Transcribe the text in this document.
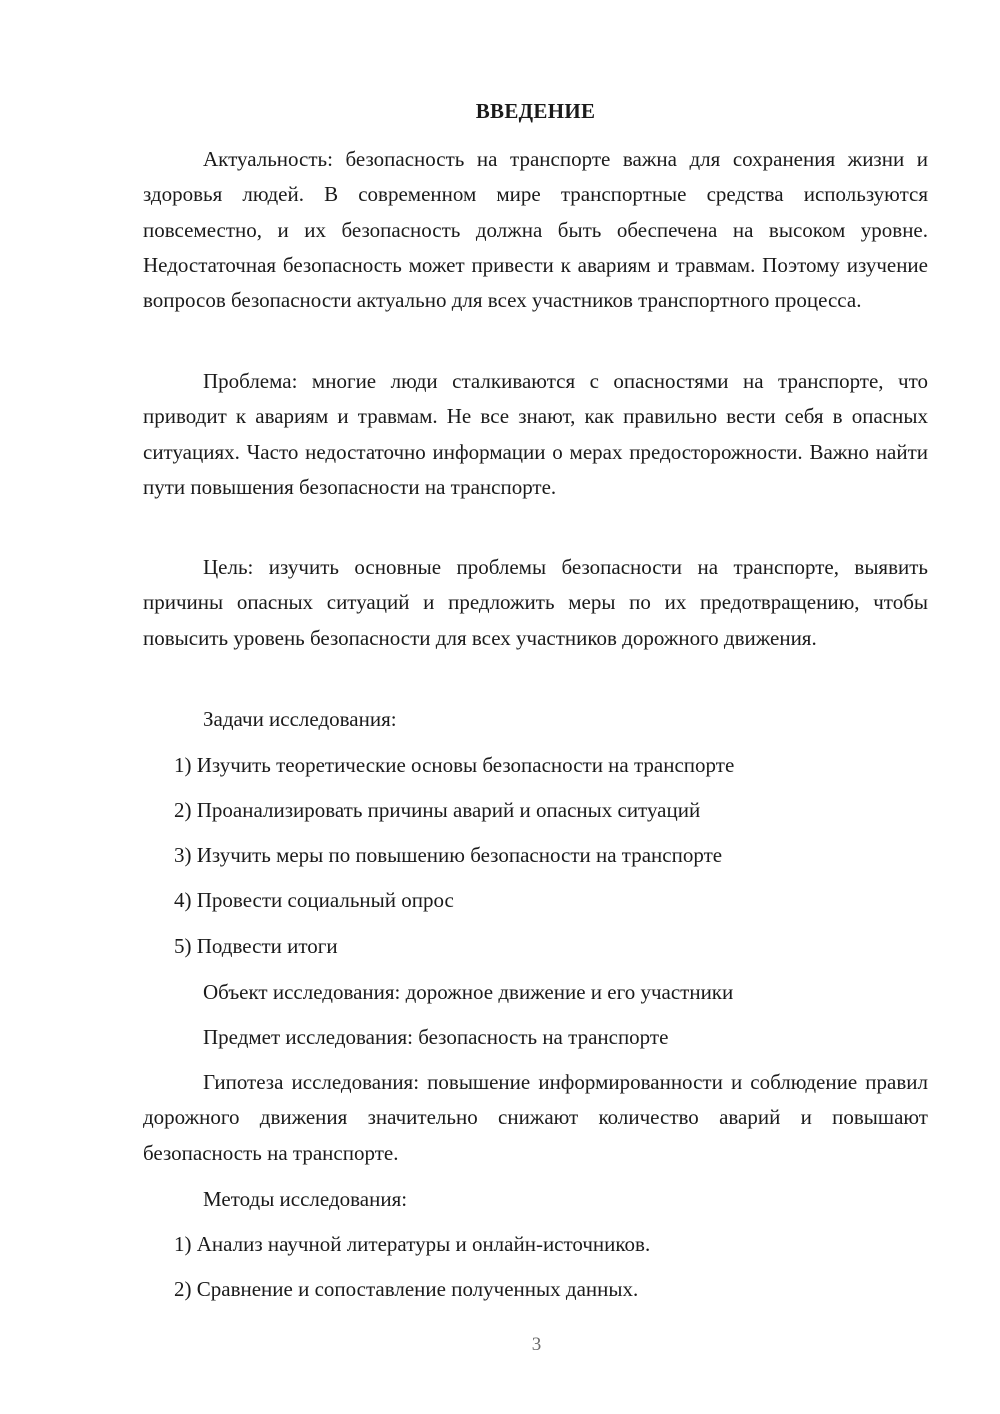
ВВЕДЕНИЕ

Актуальность: безопасность на транспорте важна для сохранения жизни и здоровья людей. В современном мире транспортные средства используются повсеместно, и их безопасность должна быть обеспечена на высоком уровне. Недостаточная безопасность может привести к авариям и травмам. Поэтому изучение вопросов безопасности актуально для всех участников транспортного процесса.

Проблема: многие люди сталкиваются с опасностями на транспорте, что приводит к авариям и травмам. Не все знают, как правильно вести себя в опасных ситуациях. Часто недостаточно информации о мерах предосторожности. Важно найти пути повышения безопасности на транспорте.

Цель: изучить основные проблемы безопасности на транспорте, выявить причины опасных ситуаций и предложить меры по их предотвращению, чтобы повысить уровень безопасности для всех участников дорожного движения.

Задачи исследования:

1) Изучить теоретические основы безопасности на транспорте

2) Проанализировать причины аварий и опасных ситуаций

3) Изучить меры по повышению безопасности на транспорте

4) Провести социальный опрос

5) Подвести итоги

Объект исследования: дорожное движение и его участники

Предмет исследования: безопасность на транспорте

Гипотеза исследования: повышение информированности и соблюдение правил дорожного движения значительно снижают количество аварий и повышают безопасность на транспорте.

Методы исследования:

1) Анализ научной литературы и онлайн-источников.

2) Сравнение и сопоставление полученных данных.

3
